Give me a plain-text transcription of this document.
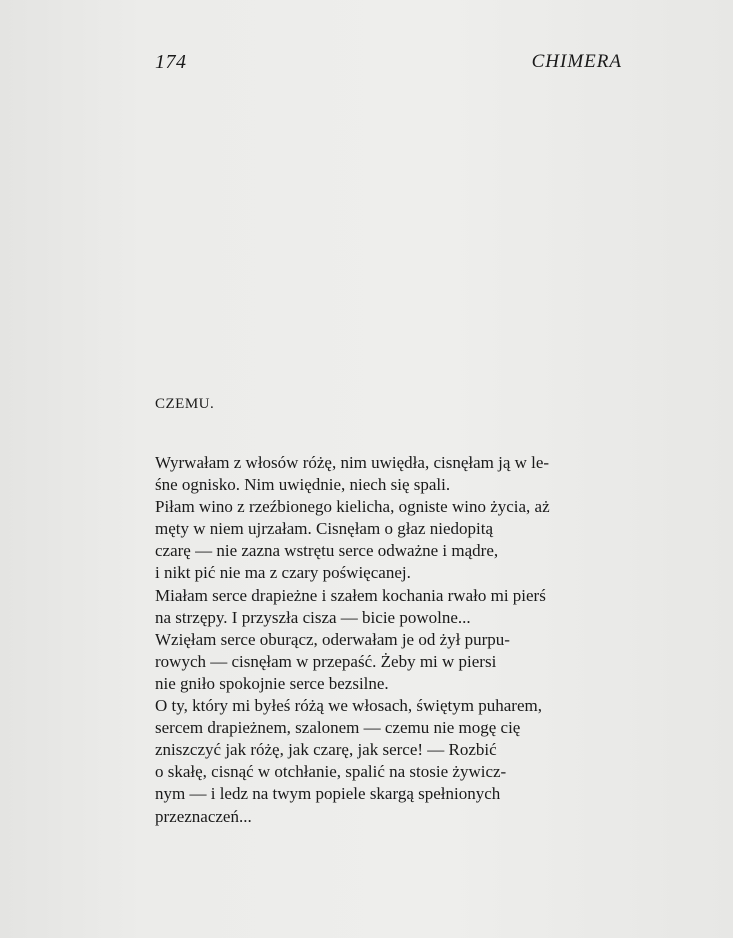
174	CHIMERA
CZEMU.

Wyrwałam z włosów różę, nim uwiędła, cisnęłam ją w le-
śne ognisko. Nim uwiędnie, niech się spali.

Piłam wino z rzeźbionego kielicha, ogniste wino życia, aż
męty w niem ujrzałam. Cisnęłam o głaz niedopitą
czarę — nie zazna wstrętu serce odważne i mądre,
i nikt pić nie ma z czary poświęcanej.

Miałam serce drapieżne i szałem kochania rwało mi pierś
na strzępy. I przyszła cisza — bicie powolne...
Wzięłam serce oburącz, oderwałam je od żył purpu-
rowych — cisnęłam w przepaść. Żeby mi w piersi
nie gniło spokojnie serce bezsilne.

O ty, który mi byłeś różą we włosach, świętym puharem,
sercem drapieżnem, szalonem — czemu nie mogę cię
zniszczyć jak różę, jak czarę, jak serce! — Rozbić
o skałę, cisnąć w otchłanie, spalić na stosie żywicz-
nym — i ledz na twym popiele skargą spełnionych
przeznaczeń...
